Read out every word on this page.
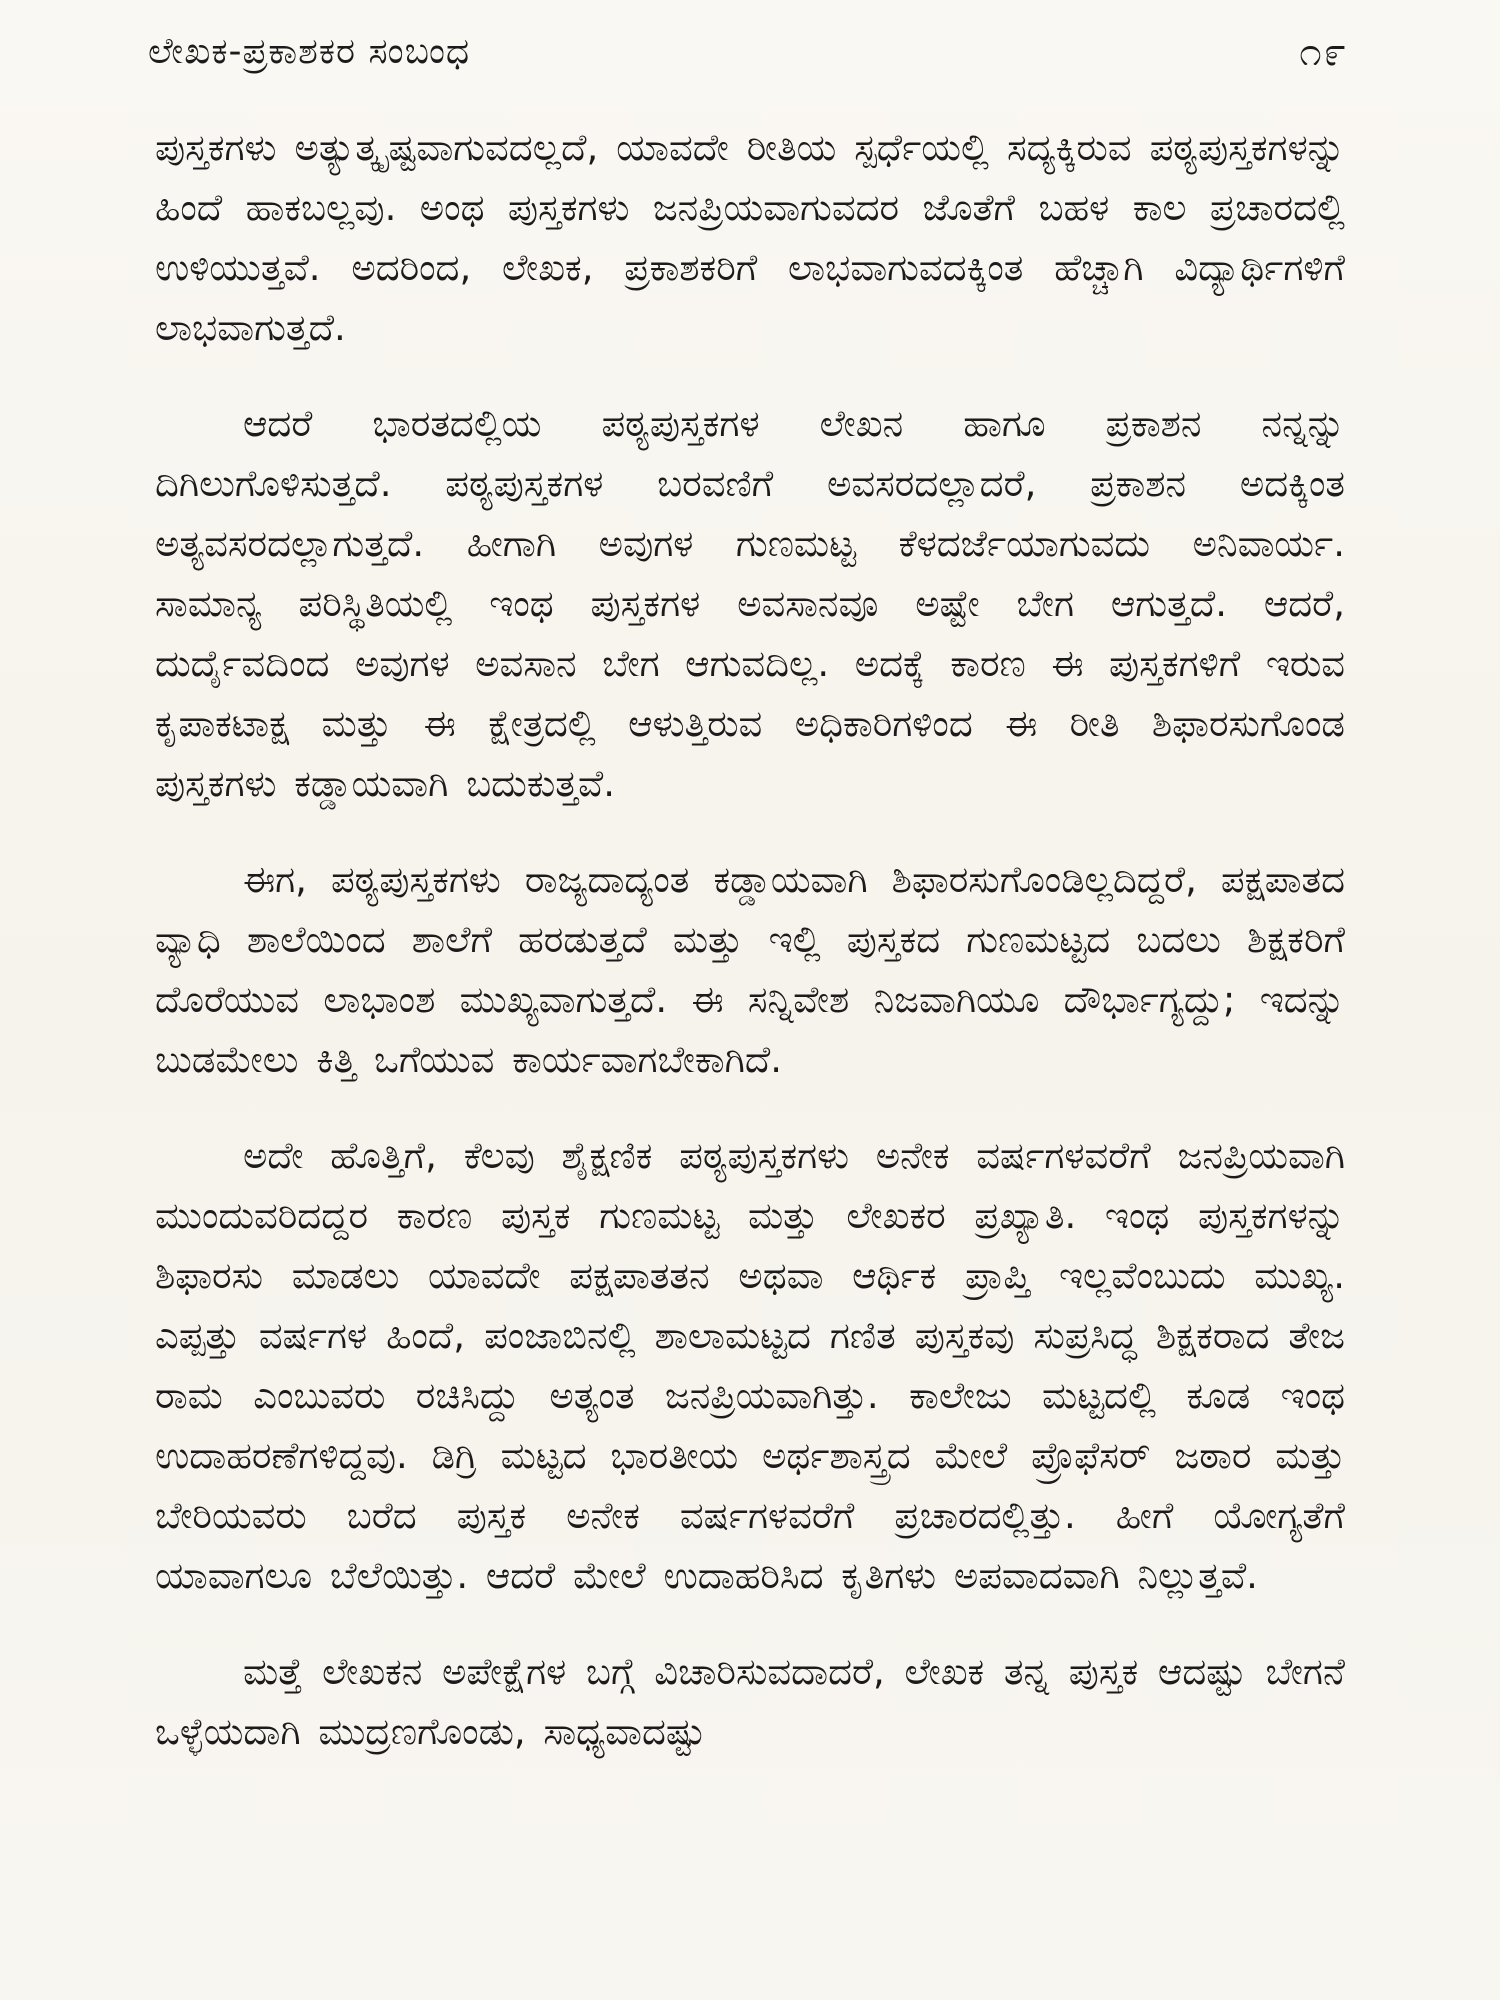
ಲೇಖಕ-ಪ್ರಕಾಶಕರ ಸಂಬಂಧ	೧೯

ಪುಸ್ತಕಗಳು ಅತ್ಯುತ್ಕೃಷ್ಟವಾಗುವದಲ್ಲದೆ, ಯಾವದೇ ರೀತಿಯ ಸ್ಪರ್ಧೆಯಲ್ಲಿ ಸದ್ಯಕ್ಕಿರುವ ಪಠ್ಯಪುಸ್ತಕಗಳನ್ನು ಹಿಂದೆ ಹಾಕಬಲ್ಲವು. ಅಂಥ ಪುಸ್ತಕಗಳು ಜನಪ್ರಿಯವಾಗುವದರ ಜೊತೆಗೆ ಬಹಳ ಕಾಲ ಪ್ರಚಾರದಲ್ಲಿ ಉಳಿಯುತ್ತವೆ. ಅದರಿಂದ, ಲೇಖಕ, ಪ್ರಕಾಶಕರಿಗೆ ಲಾಭವಾಗುವದಕ್ಕಿಂತ ಹೆಚ್ಚಾಗಿ ವಿದ್ಯಾರ್ಥಿಗಳಿಗೆ ಲಾಭವಾಗುತ್ತದೆ.

ಆದರೆ ಭಾರತದಲ್ಲಿಯ ಪಠ್ಯಪುಸ್ತಕಗಳ ಲೇಖನ ಹಾಗೂ ಪ್ರಕಾಶನ ನನ್ನನ್ನು ದಿಗಿಲುಗೊಳಿಸುತ್ತದೆ. ಪಠ್ಯಪುಸ್ತಕಗಳ ಬರವಣಿಗೆ ಅವಸರದಲ್ಲಾದರೆ, ಪ್ರಕಾಶನ ಅದಕ್ಕಿಂತ ಅತ್ಯವಸರದಲ್ಲಾಗುತ್ತದೆ. ಹೀಗಾಗಿ ಅವುಗಳ ಗುಣಮಟ್ಟ ಕೆಳದರ್ಜೆಯಾಗುವದು ಅನಿವಾರ್ಯ. ಸಾಮಾನ್ಯ ಪರಿಸ್ಥಿತಿಯಲ್ಲಿ ಇಂಥ ಪುಸ್ತಕಗಳ ಅವಸಾನವೂ ಅಷ್ಟೇ ಬೇಗ ಆಗುತ್ತದೆ. ಆದರೆ, ದುರ್ದೈವದಿಂದ ಅವುಗಳ ಅವಸಾನ ಬೇಗ ಆಗುವದಿಲ್ಲ. ಅದಕ್ಕೆ ಕಾರಣ ಈ ಪುಸ್ತಕಗಳಿಗೆ ಇರುವ ಕೃಪಾಕಟಾಕ್ಷ ಮತ್ತು ಈ ಕ್ಷೇತ್ರದಲ್ಲಿ ಆಳುತ್ತಿರುವ ಅಧಿಕಾರಿಗಳಿಂದ ಈ ರೀತಿ ಶಿಫಾರಸುಗೊಂಡ ಪುಸ್ತಕಗಳು ಕಡ್ಡಾಯವಾಗಿ ಬದುಕುತ್ತವೆ.

ಈಗ, ಪಠ್ಯಪುಸ್ತಕಗಳು ರಾಜ್ಯದಾದ್ಯಂತ ಕಡ್ಡಾಯವಾಗಿ ಶಿಫಾರಸುಗೊಂಡಿಲ್ಲದಿದ್ದರೆ, ಪಕ್ಷಪಾತದ ವ್ಯಾಧಿ ಶಾಲೆಯಿಂದ ಶಾಲೆಗೆ ಹರಡುತ್ತದೆ ಮತ್ತು ಇಲ್ಲಿ ಪುಸ್ತಕದ ಗುಣಮಟ್ಟದ ಬದಲು ಶಿಕ್ಷಕರಿಗೆ ದೊರೆಯುವ ಲಾಭಾಂಶ ಮುಖ್ಯವಾಗುತ್ತದೆ. ಈ ಸನ್ನಿವೇಶ ನಿಜವಾಗಿಯೂ ದೌರ್ಭಾಗ್ಯದ್ದು; ಇದನ್ನು ಬುಡಮೇಲು ಕಿತ್ತಿ ಒಗೆಯುವ ಕಾರ್ಯವಾಗಬೇಕಾಗಿದೆ.

ಅದೇ ಹೊತ್ತಿಗೆ, ಕೆಲವು ಶೈಕ್ಷಣಿಕ ಪಠ್ಯಪುಸ್ತಕಗಳು ಅನೇಕ ವರ್ಷಗಳವರೆಗೆ ಜನಪ್ರಿಯವಾಗಿ ಮುಂದುವರಿದದ್ದರ ಕಾರಣ ಪುಸ್ತಕ ಗುಣಮಟ್ಟ ಮತ್ತು ಲೇಖಕರ ಪ್ರಖ್ಯಾತಿ. ಇಂಥ ಪುಸ್ತಕಗಳನ್ನು ಶಿಫಾರಸು ಮಾಡಲು ಯಾವದೇ ಪಕ್ಷಪಾತತನ ಅಥವಾ ಆರ್ಥಿಕ ಪ್ರಾಪ್ತಿ ಇಲ್ಲವೆಂಬುದು ಮುಖ್ಯ. ಎಪ್ಪತ್ತು ವರ್ಷಗಳ ಹಿಂದೆ, ಪಂಜಾಬಿನಲ್ಲಿ ಶಾಲಾಮಟ್ಟದ ಗಣಿತ ಪುಸ್ತಕವು ಸುಪ್ರಸಿದ್ಧ ಶಿಕ್ಷಕರಾದ ತೇಜ ರಾಮ ಎಂಬುವರು ರಚಿಸಿದ್ದು ಅತ್ಯಂತ ಜನಪ್ರಿಯವಾಗಿತ್ತು. ಕಾಲೇಜು ಮಟ್ಟದಲ್ಲಿ ಕೂಡ ಇಂಥ ಉದಾಹರಣೆಗಳಿದ್ದವು. ಡಿಗ್ರಿ ಮಟ್ಟದ ಭಾರತೀಯ ಅರ್ಥಶಾಸ್ತ್ರದ ಮೇಲೆ ಪ್ರೊಫೆಸರ್ ಜಠಾರ ಮತ್ತು ಬೇರಿಯವರು ಬರೆದ ಪುಸ್ತಕ ಅನೇಕ ವರ್ಷಗಳವರೆಗೆ ಪ್ರಚಾರದಲ್ಲಿತ್ತು. ಹೀಗೆ ಯೋಗ್ಯತೆಗೆ ಯಾವಾಗಲೂ ಬೆಲೆಯಿತ್ತು. ಆದರೆ ಮೇಲೆ ಉದಾಹರಿಸಿದ ಕೃತಿಗಳು ಅಪವಾದವಾಗಿ ನಿಲ್ಲುತ್ತವೆ.

ಮತ್ತೆ ಲೇಖಕನ ಅಪೇಕ್ಷೆಗಳ ಬಗ್ಗೆ ವಿಚಾರಿಸುವದಾದರೆ, ಲೇಖಕ ತನ್ನ ಪುಸ್ತಕ ಆದಷ್ಟು ಬೇಗನೆ ಒಳ್ಳೆಯದಾಗಿ ಮುದ್ರಣಗೊಂಡು, ಸಾಧ್ಯವಾದಷ್ಟು
